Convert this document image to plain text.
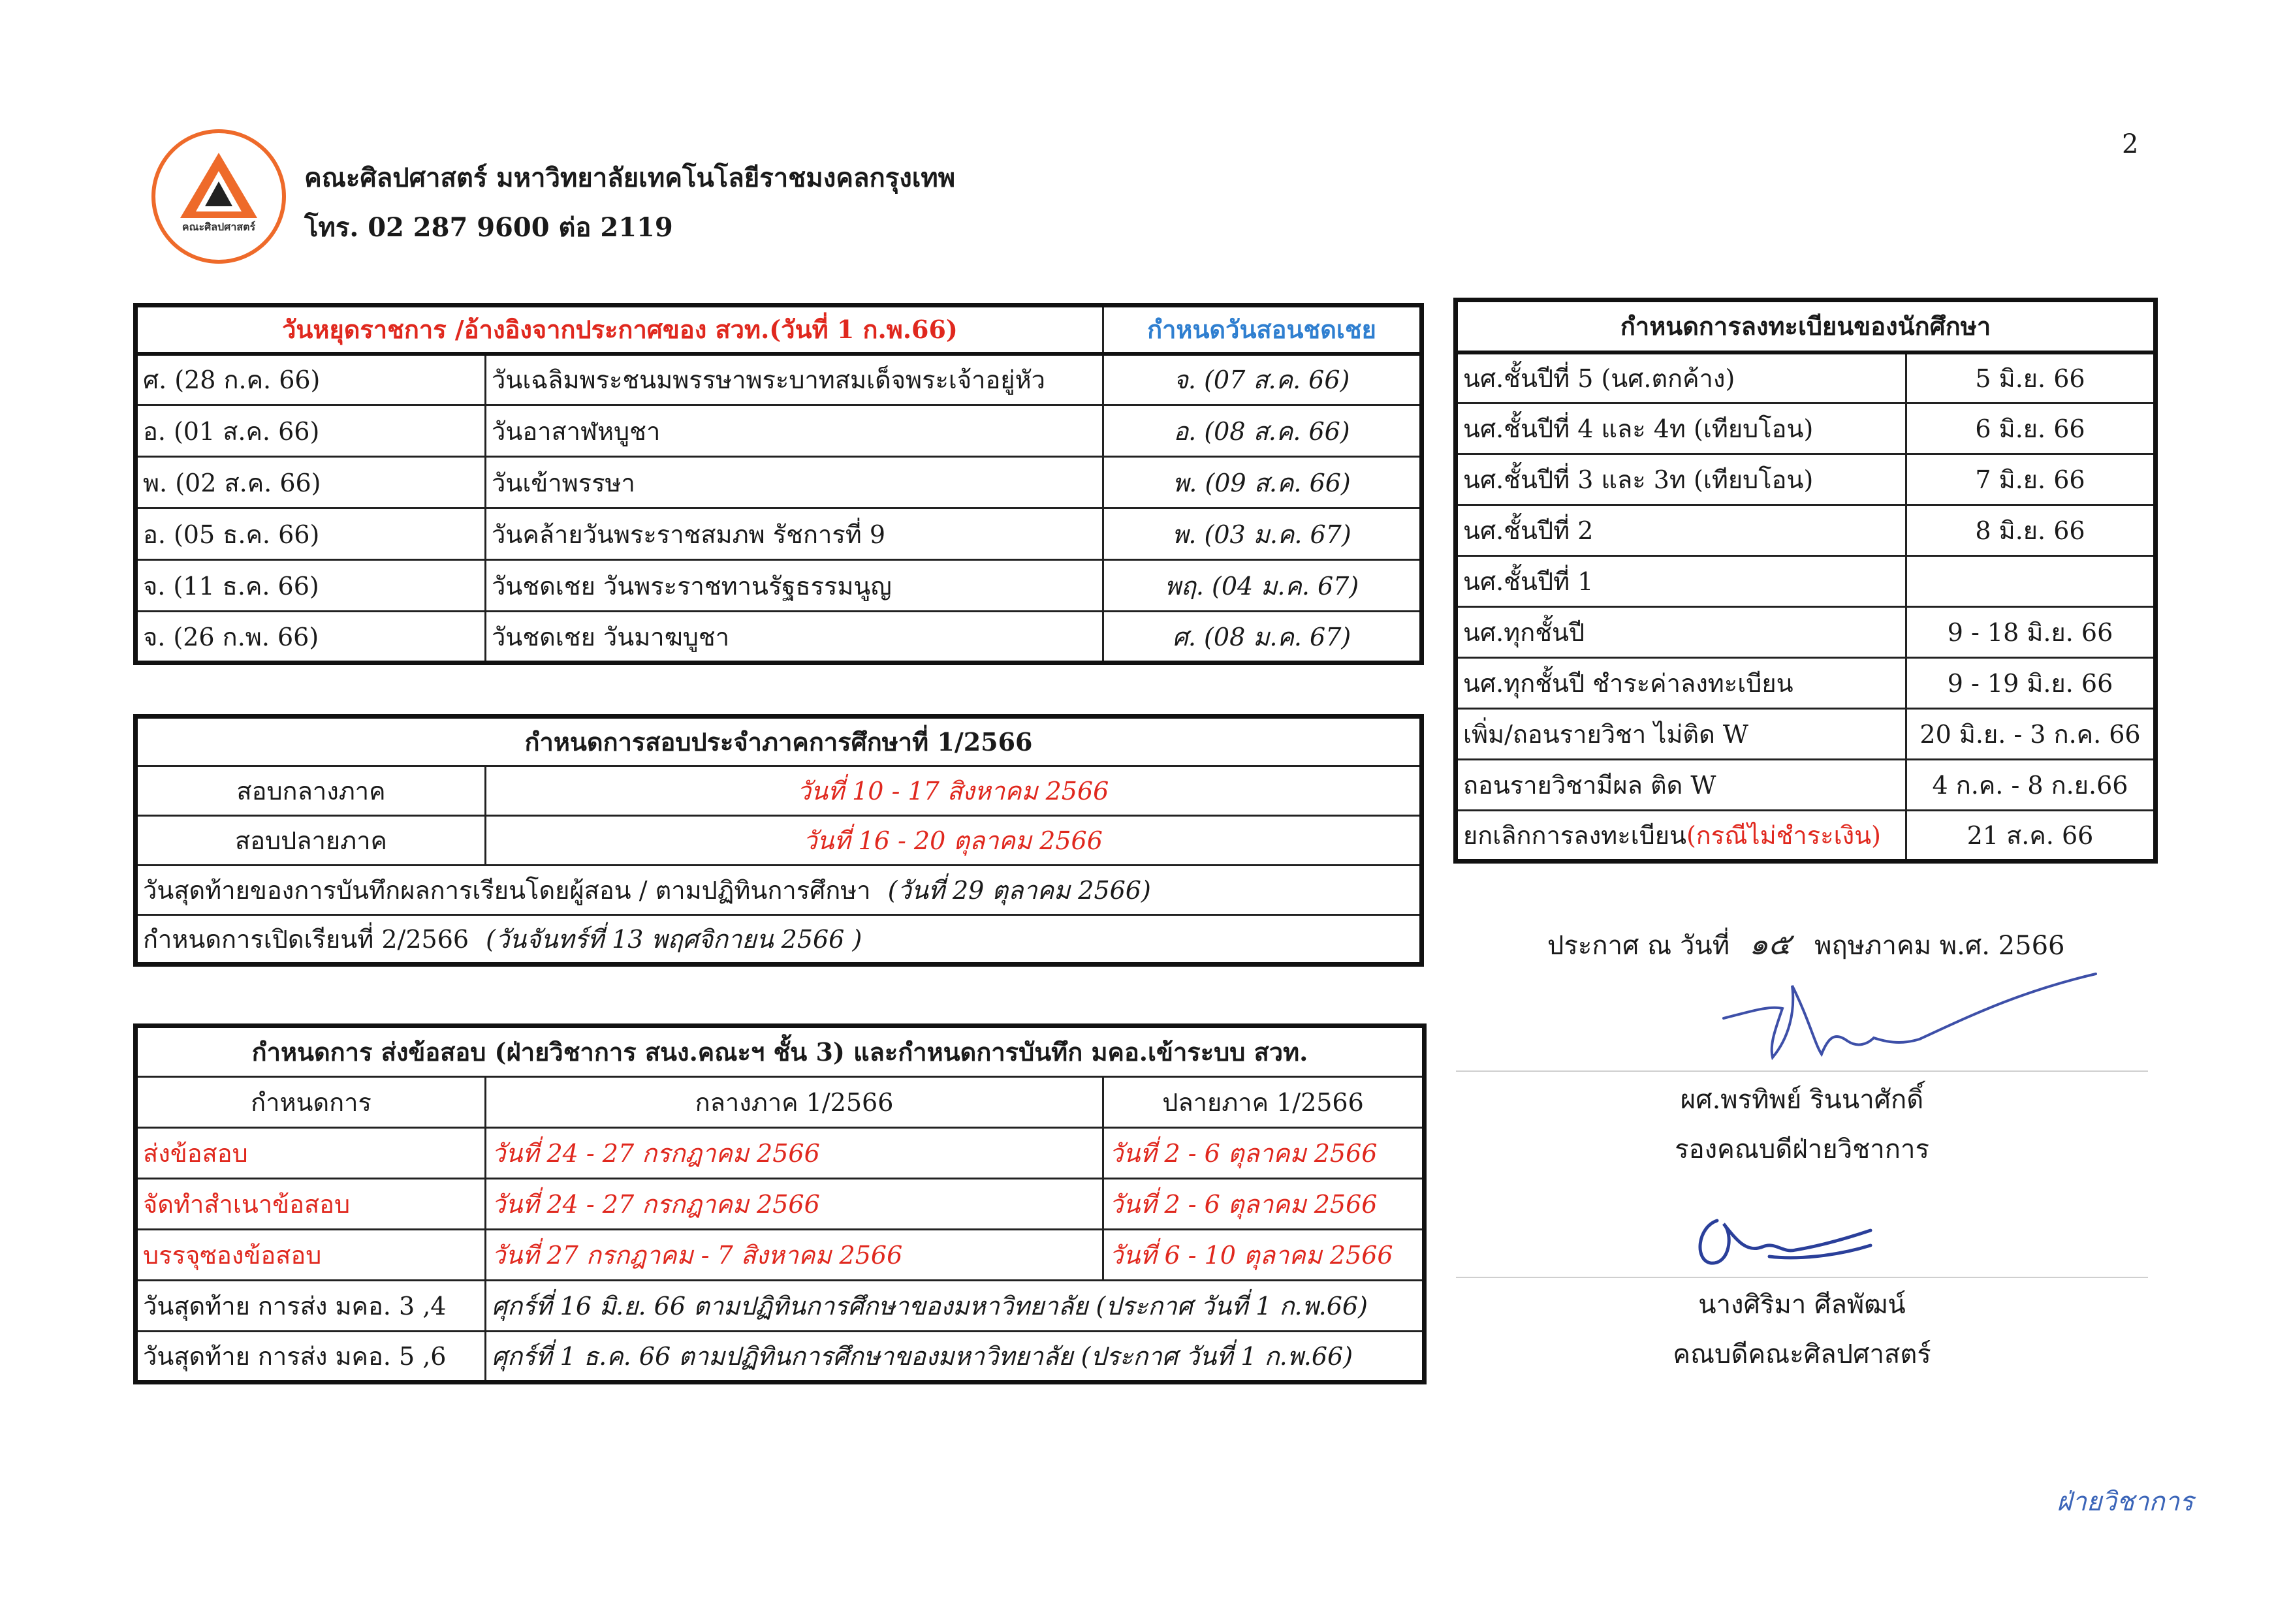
คณะศิลปศาสตร์
คณะศิลปศาสตร์ มหาวิทยาลัยเทคโนโลยีราชมงคลกรุงเทพ
โทร. 02 287 9600 ต่อ 2119
2
วันหยุดราชการ /อ้างอิงจากประกาศของ สวท.(วันที่ 1 ก.พ.66)		กำหนดวันสอนชดเชย
ศ. (28 ก.ค. 66)	วันเฉลิมพระชนมพรรษาพระบาทสมเด็จพระเจ้าอยู่หัว	จ. (07 ส.ค. 66)
อ. (01 ส.ค. 66)	วันอาสาฬหบูชา	อ. (08 ส.ค. 66)
พ. (02 ส.ค. 66)	วันเข้าพรรษา	พ. (09 ส.ค. 66)
อ. (05 ธ.ค. 66)	วันคล้ายวันพระราชสมภพ รัชการที่ 9	พ. (03 ม.ค. 67)
จ. (11 ธ.ค. 66)	วันชดเชย วันพระราชทานรัฐธรรมนูญ	พฤ. (04 ม.ค. 67)
จ. (26 ก.พ. 66)	วันชดเชย วันมาฆบูชา	ศ. (08 ม.ค. 67)
กำหนดการสอบประจำภาคการศึกษาที่ 1/2566	
สอบกลางภาค	วันที่ 10 - 17 สิงหาคม 2566
สอบปลายภาค	วันที่ 16 - 20 ตุลาคม 2566
วันสุดท้ายของการบันทึกผลการเรียนโดยผู้สอน / ตามปฏิทินการศึกษา (วันที่ 29 ตุลาคม 2566)	
กำหนดการเปิดเรียนที่ 2/2566 (วันจันทร์ที่ 13 พฤศจิกายน 2566 )	
กำหนดการ ส่งข้อสอบ (ฝ่ายวิชาการ สนง.คณะฯ ชั้น 3) และกำหนดการบันทึก มคอ.เข้าระบบ สวท.		
กำหนดการ	กลางภาค 1/2566	ปลายภาค 1/2566
ส่งข้อสอบ	วันที่ 24 - 27 กรกฎาคม 2566	วันที่ 2 - 6 ตุลาคม 2566
จัดทำสำเนาข้อสอบ	วันที่ 24 - 27 กรกฎาคม 2566	วันที่ 2 - 6 ตุลาคม 2566
บรรจุซองข้อสอบ	วันที่ 27 กรกฎาคม - 7 สิงหาคม 2566	วันที่ 6 - 10 ตุลาคม 2566
วันสุดท้าย การส่ง มคอ. 3 ,4	ศุกร์ที่ 16 มิ.ย. 66 ตามปฏิทินการศึกษาของมหาวิทยาลัย (ประกาศ วันที่ 1 ก.พ.66)	
วันสุดท้าย การส่ง มคอ. 5 ,6	ศุกร์ที่ 1 ธ.ค. 66 ตามปฏิทินการศึกษาของมหาวิทยาลัย (ประกาศ วันที่ 1 ก.พ.66)	
กำหนดการลงทะเบียนของนักศึกษา	
นศ.ชั้นปีที่ 5 (นศ.ตกค้าง)	5 มิ.ย. 66
นศ.ชั้นปีที่ 4 และ 4ท (เทียบโอน)	6 มิ.ย. 66
นศ.ชั้นปีที่ 3 และ 3ท (เทียบโอน)	7 มิ.ย. 66
นศ.ชั้นปีที่ 2	8 มิ.ย. 66
นศ.ชั้นปีที่ 1	
นศ.ทุกชั้นปี	9 - 18 มิ.ย. 66
นศ.ทุกชั้นปี ชำระค่าลงทะเบียน	9 - 19 มิ.ย. 66
เพิ่ม/ถอนรายวิชา ไม่ติด W	20 มิ.ย. - 3 ก.ค. 66
ถอนรายวิชามีผล ติด W	4 ก.ค. - 8 ก.ย.66
ยกเลิกการลงทะเบียน(กรณีไม่ชำระเงิน)	21 ส.ค. 66
ประกาศ ณ วันที่ ๑๕ พฤษภาคม พ.ศ. 2566
ผศ.พรทิพย์ รินนาศักดิ์
รองคณบดีฝ่ายวิชาการ
นางศิริมา ศีลพัฒน์
คณบดีคณะศิลปศาสตร์
ฝ่ายวิชาการ
